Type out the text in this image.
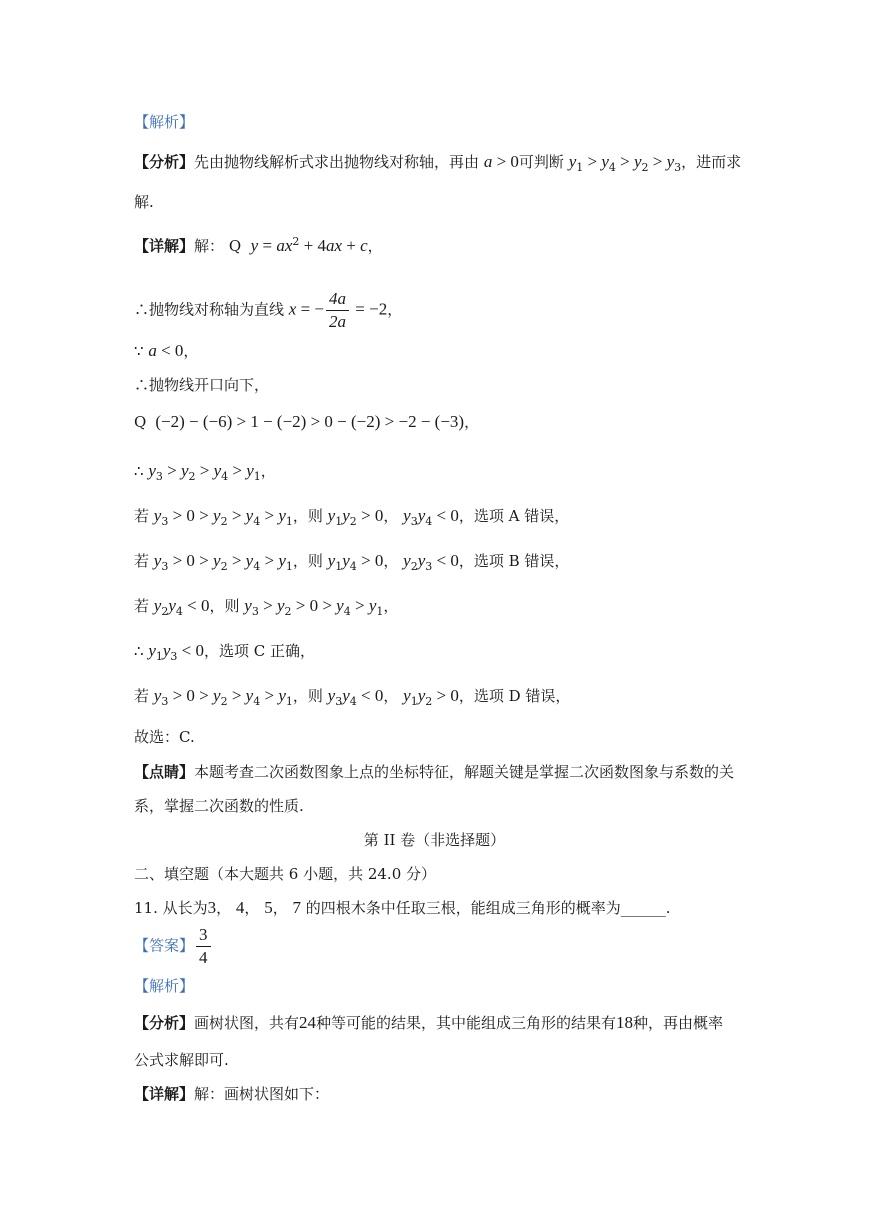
【解析】
【分析】先由抛物线解析式求出抛物线对称轴，再由 a > 0可判断 $y_1 > y_4 > y_2 > y_3$，进而求
解.
【详解】解： Q $y = ax^2 + 4ax + c$，
∴抛物线对称轴为直线 x = − $\frac{4a}{2a} = -2$，
∵ a < 0，
∴抛物线开口向下，
Q  (−2) − (−6) > 1 − (−2) > 0 − (−2) > −2 − (−3)，
∴ $y_3 > y_2 > y_4 > y_1$，
若 $y_3 > 0 > y_2 > y_4 > y_1$，则 $y_1y_2 > 0$， $y_3y_4 < 0$，选项 A 错误，
若 $y_3 > 0 > y_2 > y_4 > y_1$，则 $y_1y_4 > 0$， $y_2y_3 < 0$，选项 B 错误，
若 $y_2y_4 < 0$，则 $y_3 > y_2 > 0 > y_4 > y_1$，
∴ $y_1y_3 < 0$，选项 C 正确，
若 $y_3 > 0 > y_2 > y_4 > y_1$，则 $y_3y_4 < 0$， $y_1y_2 > 0$，选项 D 错误，
故选：C.
【点睛】本题考查二次函数图象上点的坐标特征，解题关键是掌握二次函数图象与系数的关
系，掌握二次函数的性质.
第 II 卷（非选择题）
二、填空题（本大题共 6 小题，共 24.0 分）
11. 从长为3， 4， 5， 7 的四根木条中任取三根，能组成三角形的概率为______.
【答案】 $\frac{3}{4}$
【解析】
【分析】画树状图，共有24种等可能的结果，其中能组成三角形的结果有18种，再由概率
公式求解即可.
【详解】解：画树状图如下：
